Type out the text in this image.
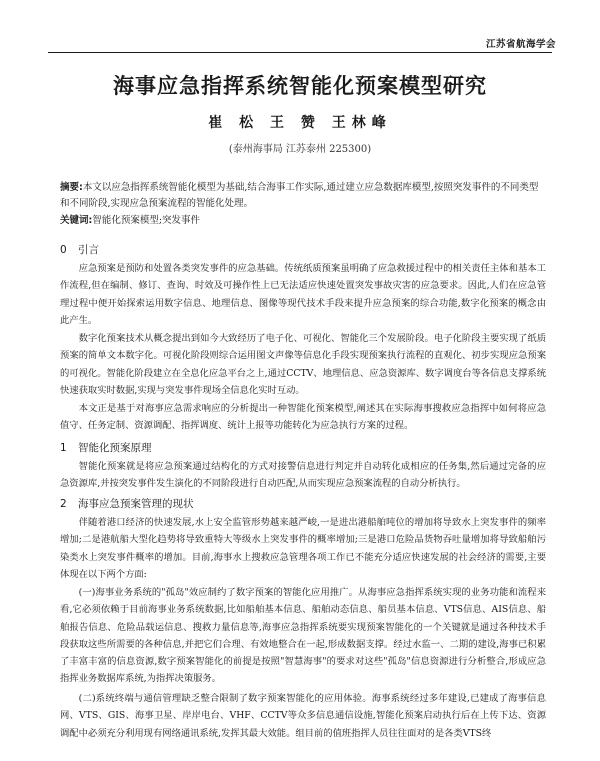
江苏省航海学会
海事应急指挥系统智能化预案模型研究
崔 松 王 赞 王林峰
(泰州海事局 江苏泰州 225300)
摘要:本文以应急指挥系统智能化模型为基础,结合海事工作实际,通过建立应急数据库模型,按照突发事件的不同类型和不同阶段,实现应急预案流程的智能化处理。
关键词:智能化预案模型;突发事件
0 引言
应急预案是预防和处置各类突发事件的应急基础。传统纸质预案虽明确了应急救援过程中的相关责任主体和基本工作流程,但在编制、修订、查询、时效及可操作性上已无法适应快速处置突发事故灾害的应急要求。因此,人们在应急管理过程中便开始探索运用数字信息、地理信息、图像等现代技术手段来提升应急预案的综合功能,数字化预案的概念由此产生。
数字化预案技术从概念提出到如今大致经历了电子化、可视化、智能化三个发展阶段。电子化阶段主要实现了纸质预案的简单文本数字化。可视化阶段则综合运用图文声像等信息化手段实现预案执行流程的直观化、初步实现应急预案的可视化。智能化阶段建立在全息化应急平台之上,通过CCTV、地理信息、应急资源库、数字调度台等各信息支撑系统快速获取实时数据,实现与突发事件现场全信息化实时互动。
本文正是基于对海事应急需求响应的分析提出一种智能化预案模型,阐述其在实际海事搜救应急指挥中如何将应急值守、任务定制、资源调配、指挥调度、统计上报等功能转化为应急执行方案的过程。
1 智能化预案原理
智能化预案就是将应急预案通过结构化的方式对接警信息进行判定并自动转化成相应的任务集,然后通过完备的应急资源库,并按突发事件发生演化的不同阶段进行自动匹配,从而实现应急预案流程的自动分析执行。
2 海事应急预案管理的现状
伴随着港口经济的快速发展,水上安全监管形势越来越严峻,一是进出港船舶吨位的增加将导致水上突发事件的频率增加;二是港航船大型化趋势将导致重特大等级水上突发事件的概率增加;三是港口危险品货物吞吐量增加将导致船舶污染类水上突发事件概率的增加。目前,海事水上搜救应急管理各项工作已不能充分适应快速发展的社会经济的需要,主要体现在以下两个方面:
(一)海事业务系统的"孤岛"效应制约了数字预案的智能化应用推广。从海事应急指挥系统实现的业务功能和流程来看,它必须依赖于目前海事业务系统数据,比如船舶基本信息、船舶动态信息、船员基本信息、VTS信息、AIS信息、船舶报告信息、危险品载运信息、搜救力量信息等,海事应急指挥系统要实现预案智能化的一个关键就是通过各种技术手段获取这些所需要的各种信息,并把它们合理、有效地整合在一起,形成数据支撑。经过水监一、二期的建设,海事已积累了丰富丰富的信息资源,数字预案智能化的前提是按照"智慧海事"的要求对这些"孤岛"信息资源进行分析整合,形成应急指挥业务数据库系统,为指挥决策服务。
(二)系统终端与通信管理缺乏整合限制了数字预案智能化的应用体验。海事系统经过多年建设,已建成了海事信息网、VTS、GIS、海事卫星、岸岸电台、VHF、CCTV等众多信息通信设施,智能化预案启动执行后在上传下达、资源调配中必须充分利用现有网络通讯系统,发挥其最大效能。组目前的值班指挥人员往往面对的是各类VTS终
